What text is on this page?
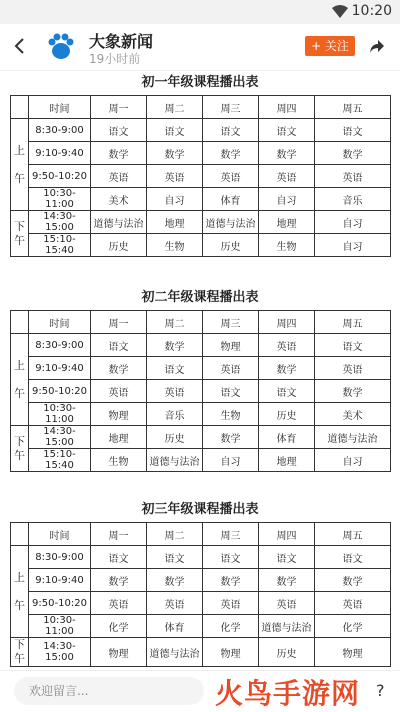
10:20
大象新闻
19小时前
+ 关注
初一年级课程播出表
	时间	周一	周二	周三	周四	周五
上

午	8:30-9:00	语文	语文	语文	语文	语文
	9:10-9:40	数学	数学	数学	数学	数学
	9:50-10:20	英语	英语	英语	英语	英语
	10:30-11:00	美术	自习	体育	自习	音乐
下
午	14:30-15:00	道德与法治	地理	道德与法治	地理	自习
	15:10-15:40	历史	生物	历史	生物	自习
初二年级课程播出表
	时间	周一	周二	周三	周四	周五
上

午	8:30-9:00	语文	数学	物理	英语	语文
	9:10-9:40	数学	语文	英语	数学	英语
	9:50-10:20	英语	英语	语文	语文	数学
	10:30-11:00	物理	音乐	生物	历史	美术
下
午	14:30-15:00	地理	历史	数学	体育	道德与法治
	15:10-15:40	生物	道德与法治	自习	地理	自习
初三年级课程播出表
	时间	周一	周二	周三	周四	周五
上

午	8:30-9:00	语文	语文	语文	语文	语文
	9:10-9:40	数学	数学	数学	数学	数学
	9:50-10:20	英语	英语	英语	英语	英语
	10:30-11:00	化学	体育	化学	道德与法治	化学
下
午	14:30-15:00	物理	道德与法治	物理	历史	物理
欢迎留言...	火鸟手游网 ?
